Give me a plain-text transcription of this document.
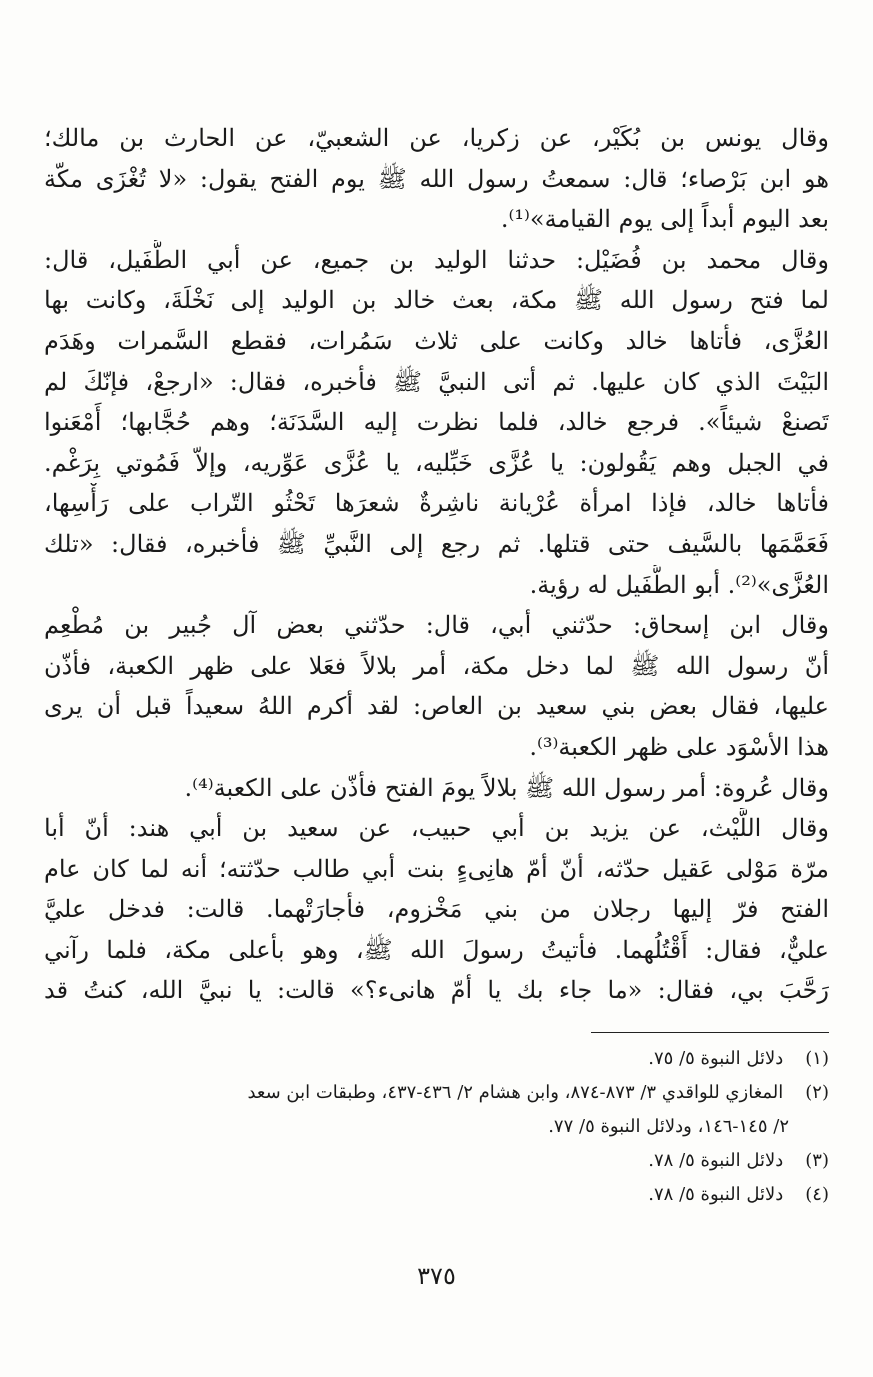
وقال يونس بن بُكَيْر، عن زكريا، عن الشعبيّ، عن الحارث بن مالك؛
هو ابن بَرْصاء؛ قال: سمعتُ رسول الله ﷺ يوم الفتح يقول: «لا تُغْزَى مكّة
بعد اليوم أبداً إلى يوم القيامة»⁽¹⁾.
وقال محمد بن فُضَيْل: حدثنا الوليد بن جميع، عن أبي الطُّفَيل، قال:
لما فتح رسول الله ﷺ مكة، بعث خالد بن الوليد إلى نَخْلَةَ، وكانت بها
العُزَّى، فأتاها خالد وكانت على ثلاث سَمُرات، فقطع السَّمرات وهَدَم
البَيْتَ الذي كان عليها. ثم أتى النبيَّ ﷺ فأخبره، فقال: «ارجعْ، فإنّكَ لم
تَصنعْ شيئاً». فرجع خالد، فلما نظرت إليه السَّدَنَة؛ وهم حُجَّابها؛ أَمْعَنوا
في الجبل وهم يَقُولون: يا عُزَّى خَبِّليه، يا عُزَّى عَوِّريه، وإلاّ فَمُوتي بِرَغْم.
فأتاها خالد، فإذا امرأة عُرْيانة ناشِرةٌ شعرَها تَحْثُو التّراب على رَأْسِها،
فَعَمَّمَها بالسَّيف حتى قتلها. ثم رجع إلى النَّبيِّ ﷺ فأخبره، فقال: «تلك
العُزَّى»⁽²⁾. أبو الطُّفَيل له رؤية.
وقال ابن إسحاق: حدّثني أبي، قال: حدّثني بعض آل جُبير بن مُطْعِم
أنّ رسول الله ﷺ لما دخل مكة، أمر بلالاً فعَلا على ظهر الكعبة، فأذّن
عليها، فقال بعض بني سعيد بن العاص: لقد أكرم اللهُ سعيداً قبل أن يرى
هذا الأسْوَد على ظهر الكعبة⁽³⁾.
وقال عُروة: أمر رسول الله ﷺ بلالاً يومَ الفتح فأذّن على الكعبة⁽⁴⁾.
وقال اللَّيْث، عن يزيد بن أبي حبيب، عن سعيد بن أبي هند: أنّ أبا
مرّة مَوْلى عَقيل حدّثه، أنّ أمّ هانِىءٍ بنت أبي طالب حدّثته؛ أنه لما كان عام
الفتح فرّ إليها رجلان من بني مَخْزوم، فأجارَتْهما. قالت: فدخل عليَّ
عليٌّ، فقال: أَقْتُلُهما. فأتيتُ رسولَ الله ﷺ، وهو بأعلى مكة، فلما رآني
رَحَّبَ بي، فقال: «ما جاء بك يا أمّ هانىء؟» قالت: يا نبيَّ الله، كنتُ قد
(١) دلائل النبوة ٥/ ٧٥.
(٢) المغازي للواقدي ٣/ ٨٧٣-٨٧٤، وابن هشام ٢/ ٤٣٦-٤٣٧، وطبقات ابن سعد
٢/ ١٤٥-١٤٦، ودلائل النبوة ٥/ ٧٧.
(٣) دلائل النبوة ٥/ ٧٨.
(٤) دلائل النبوة ٥/ ٧٨.
٣٧٥
